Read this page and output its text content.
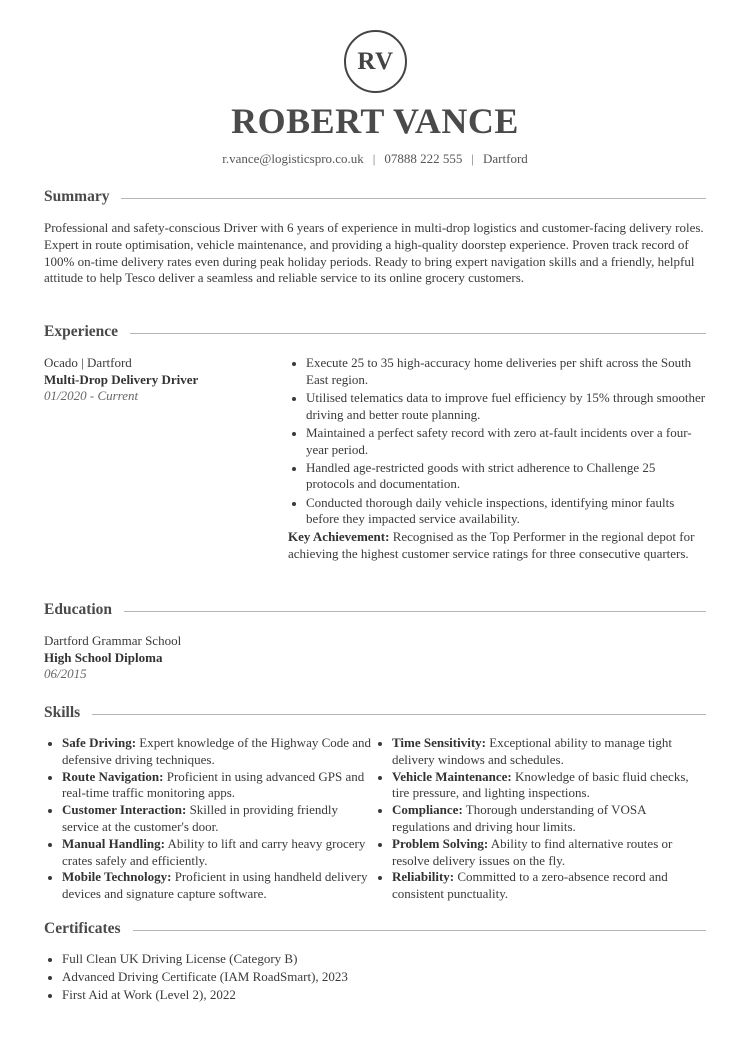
RV
ROBERT VANCE
r.vance@logisticspro.co.uk | 07888 222 555 | Dartford
Summary
Professional and safety-conscious Driver with 6 years of experience in multi-drop logistics and customer-facing delivery roles. Expert in route optimisation, vehicle maintenance, and providing a high-quality doorstep experience. Proven track record of 100% on-time delivery rates even during peak holiday periods. Ready to bring expert navigation skills and a friendly, helpful attitude to help Tesco deliver a seamless and reliable service to its online grocery customers.
Experience
Ocado | Dartford
Multi-Drop Delivery Driver
01/2020 - Current
Execute 25 to 35 high-accuracy home deliveries per shift across the South East region.
Utilised telematics data to improve fuel efficiency by 15% through smoother driving and better route planning.
Maintained a perfect safety record with zero at-fault incidents over a four-year period.
Handled age-restricted goods with strict adherence to Challenge 25 protocols and documentation.
Conducted thorough daily vehicle inspections, identifying minor faults before they impacted service availability.
Key Achievement: Recognised as the Top Performer in the regional depot for achieving the highest customer service ratings for three consecutive quarters.
Education
Dartford Grammar School
High School Diploma
06/2015
Skills
Safe Driving: Expert knowledge of the Highway Code and defensive driving techniques.
Route Navigation: Proficient in using advanced GPS and real-time traffic monitoring apps.
Customer Interaction: Skilled in providing friendly service at the customer's door.
Manual Handling: Ability to lift and carry heavy grocery crates safely and efficiently.
Mobile Technology: Proficient in using handheld delivery devices and signature capture software.
Time Sensitivity: Exceptional ability to manage tight delivery windows and schedules.
Vehicle Maintenance: Knowledge of basic fluid checks, tire pressure, and lighting inspections.
Compliance: Thorough understanding of VOSA regulations and driving hour limits.
Problem Solving: Ability to find alternative routes or resolve delivery issues on the fly.
Reliability: Committed to a zero-absence record and consistent punctuality.
Certificates
Full Clean UK Driving License (Category B)
Advanced Driving Certificate (IAM RoadSmart), 2023
First Aid at Work (Level 2), 2022
